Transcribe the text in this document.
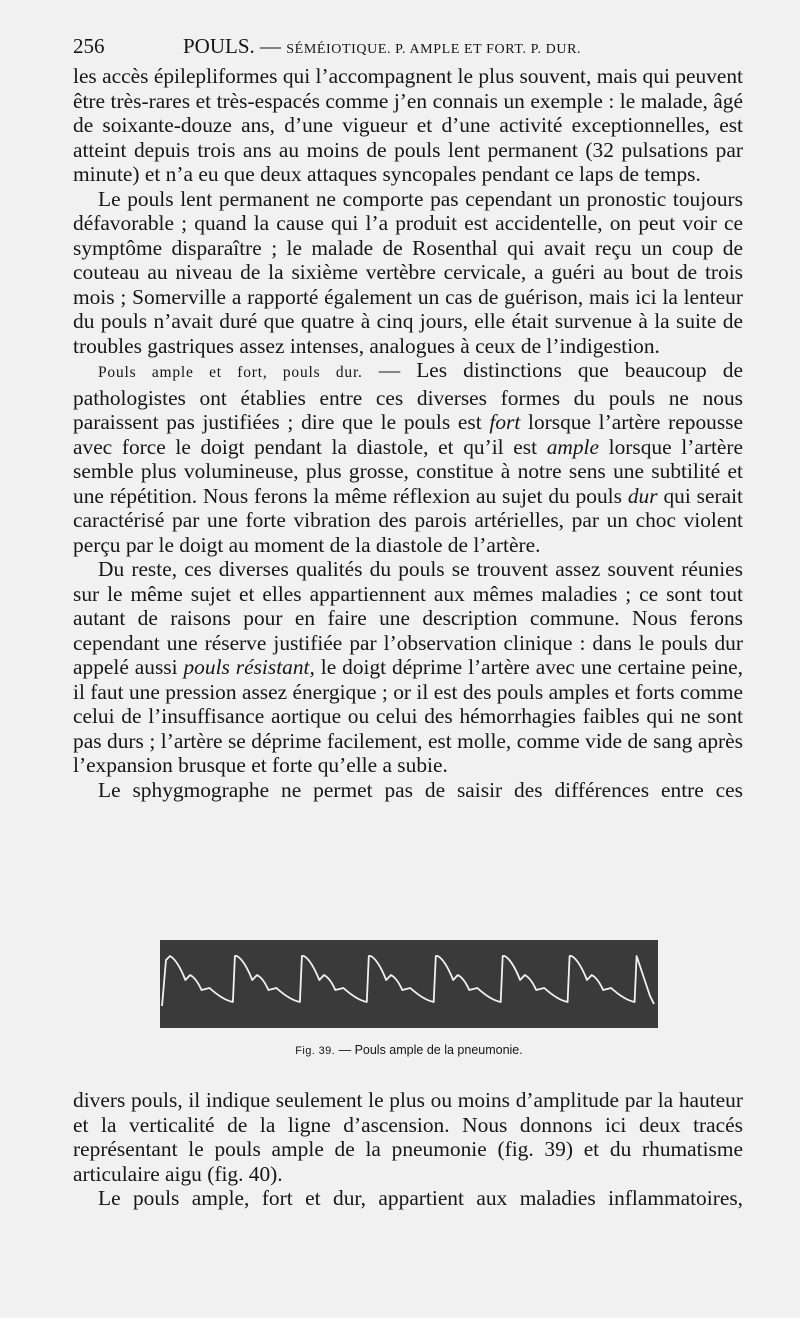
256	POULS. — SÉMÉIOTIQUE. P. AMPLE ET FORT. P. DUR.

les accès épilepliformes qui l’accompagnent le plus souvent, mais qui peuvent être très-rares et très-espacés comme j’en connais un exemple : le malade, âgé de soixante-douze ans, d’une vigueur et d’une activité exceptionnelles, est atteint depuis trois ans au moins de pouls lent permanent (32 pulsations par minute) et n’a eu que deux attaques syncopales pendant ce laps de temps.

Le pouls lent permanent ne comporte pas cependant un pronostic toujours défavorable ; quand la cause qui l’a produit est accidentelle, on peut voir ce symptôme disparaître ; le malade de Rosenthal qui avait reçu un coup de couteau au niveau de la sixième vertèbre cervicale, a guéri au bout de trois mois ; Somerville a rapporté également un cas de guérison, mais ici la lenteur du pouls n’avait duré que quatre à cinq jours, elle était survenue à la suite de troubles gastriques assez intenses, analogues à ceux de l’indigestion.

Pouls ample et fort, pouls dur. — Les distinctions que beaucoup de pathologistes ont établies entre ces diverses formes du pouls ne nous paraissent pas justifiées ; dire que le pouls est fort lorsque l’artère repousse avec force le doigt pendant la diastole, et qu’il est ample lorsque l’artère semble plus volumineuse, plus grosse, constitue à notre sens une subtilité et une répétition. Nous ferons la même réflexion au sujet du pouls dur qui serait caractérisé par une forte vibration des parois artérielles, par un choc violent perçu par le doigt au moment de la diastole de l’artère.

Du reste, ces diverses qualités du pouls se trouvent assez souvent réunies sur le même sujet et elles appartiennent aux mêmes maladies ; ce sont tout autant de raisons pour en faire une description commune. Nous ferons cependant une réserve justifiée par l’observation clinique : dans le pouls dur appelé aussi pouls résistant, le doigt déprime l’artère avec une certaine peine, il faut une pression assez énergique ; or il est des pouls amples et forts comme celui de l’insuffisance aortique ou celui des hémorrhagies faibles qui ne sont pas durs ; l’artère se déprime facilement, est molle, comme vide de sang après l’expansion brusque et forte qu’elle a subie.

Le sphygmographe ne permet pas de saisir des différences entre ces

Fig. 39. — Pouls ample de la pneumonie.

divers pouls, il indique seulement le plus ou moins d’amplitude par la hauteur et la verticalité de la ligne d’ascension. Nous donnons ici deux tracés représentant le pouls ample de la pneumonie (fig. 39) et du rhumatisme articulaire aigu (fig. 40).

Le pouls ample, fort et dur, appartient aux maladies inflammatoires,
